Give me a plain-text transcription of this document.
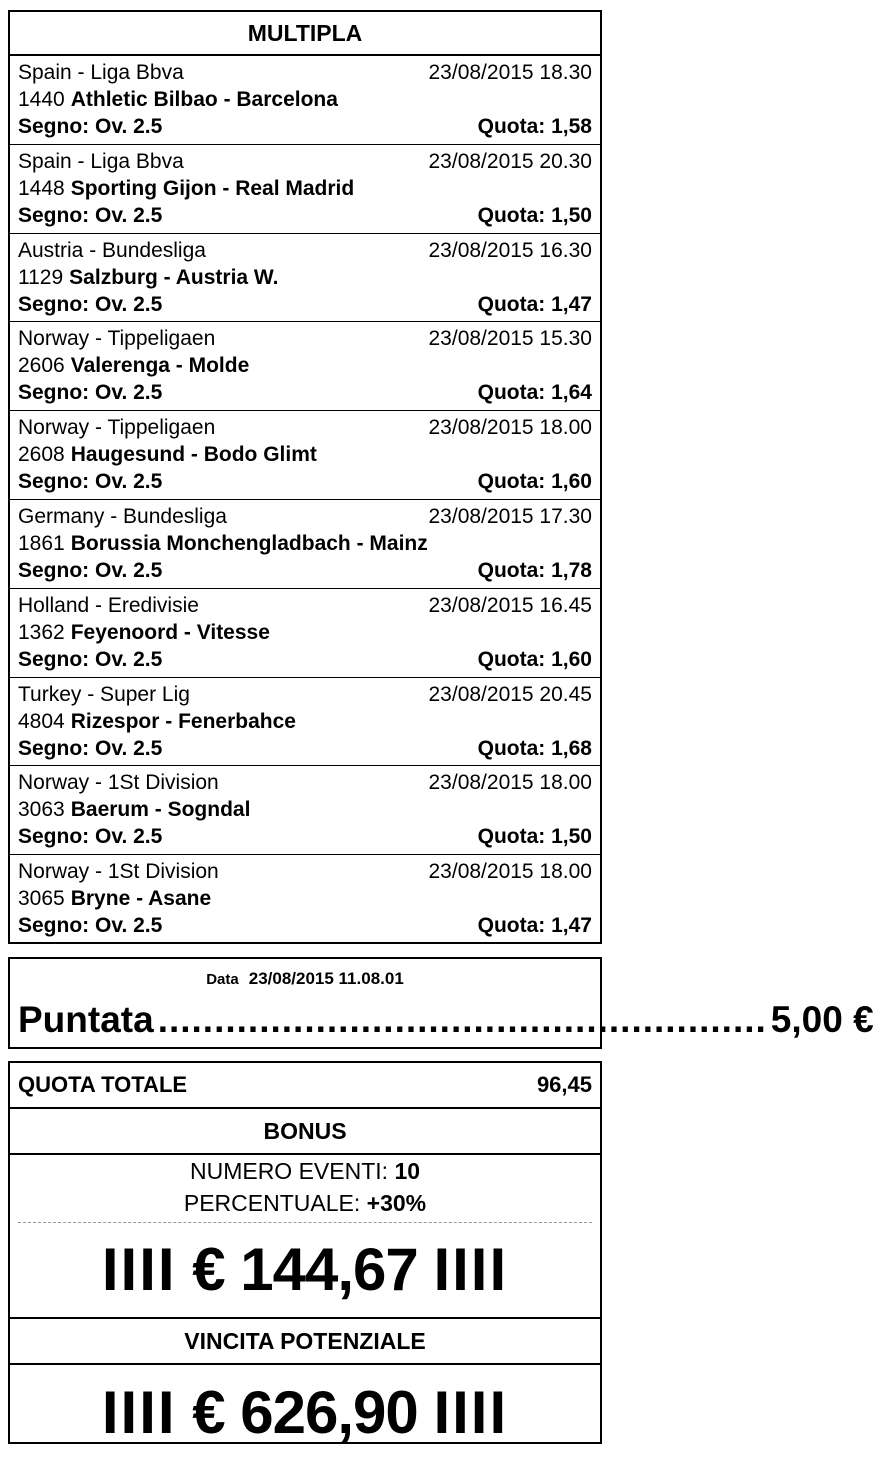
MULTIPLA
Spain - Liga Bbva	23/08/2015 18.30
1440 Athletic Bilbao - Barcelona
Segno: Ov. 2.5	Quota: 1,58
Spain - Liga Bbva	23/08/2015 20.30
1448 Sporting Gijon - Real Madrid
Segno: Ov. 2.5	Quota: 1,50
Austria - Bundesliga	23/08/2015 16.30
1129 Salzburg - Austria W.
Segno: Ov. 2.5	Quota: 1,47
Norway - Tippeligaen	23/08/2015 15.30
2606 Valerenga - Molde
Segno: Ov. 2.5	Quota: 1,64
Norway - Tippeligaen	23/08/2015 18.00
2608 Haugesund - Bodo Glimt
Segno: Ov. 2.5	Quota: 1,60
Germany - Bundesliga	23/08/2015 17.30
1861 Borussia Monchengladbach - Mainz
Segno: Ov. 2.5	Quota: 1,78
Holland - Eredivisie	23/08/2015 16.45
1362 Feyenoord - Vitesse
Segno: Ov. 2.5	Quota: 1,60
Turkey - Super Lig	23/08/2015 20.45
4804 Rizespor - Fenerbahce
Segno: Ov. 2.5	Quota: 1,68
Norway - 1St Division	23/08/2015 18.00
3063 Baerum - Sogndal
Segno: Ov. 2.5	Quota: 1,50
Norway - 1St Division	23/08/2015 18.00
3065 Bryne - Asane
Segno: Ov. 2.5	Quota: 1,47
Data 23/08/2015 11.08.01
Puntata ...................................................... 5,00 €
QUOTA TOTALE	96,45
BONUS
NUMERO EVENTI: 10
PERCENTUALE: +30%
IIII € 144,67 IIII
VINCITA POTENZIALE
IIII € 626,90 IIII
